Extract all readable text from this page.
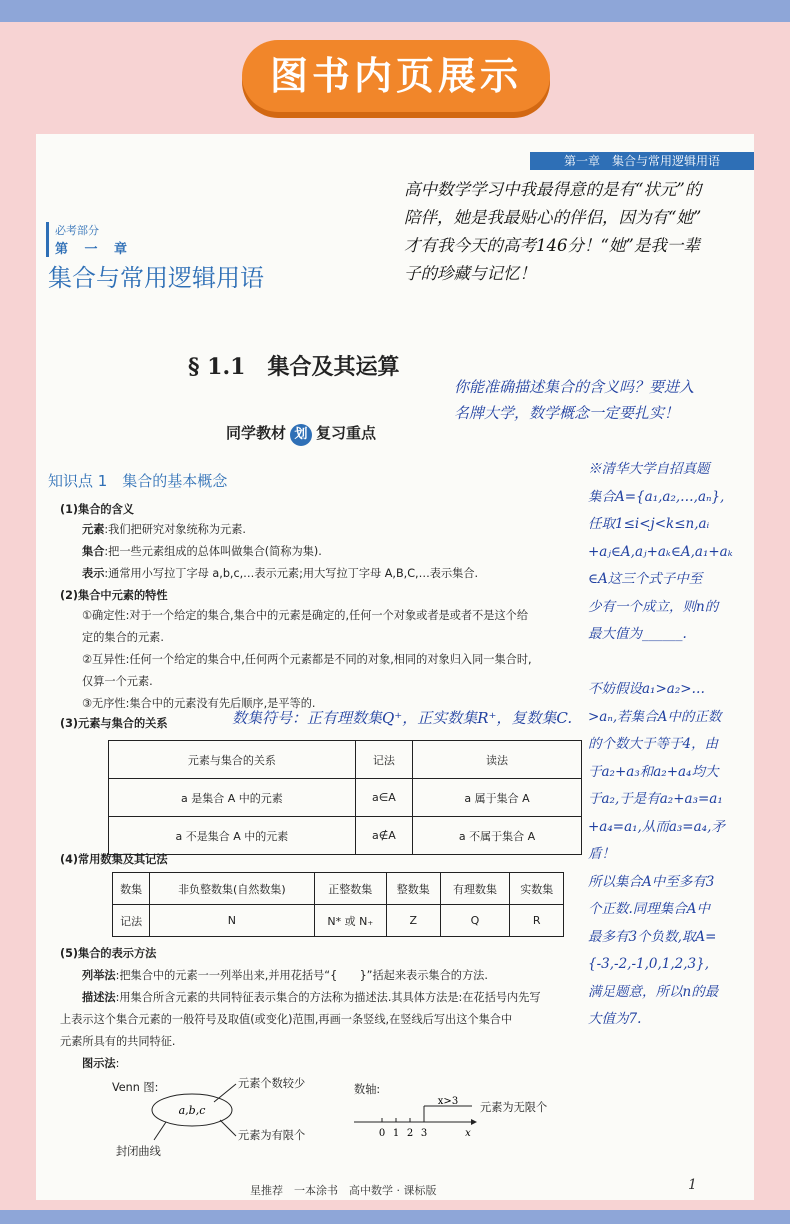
图书内页展示
第一章　集合与常用逻辑用语
高中数学学习中我最得意的是有“状元”的
陪伴，她是我最贴心的伴侣，因为有“她”
才有我今天的高考146分！“她”是我一辈
子的珍藏与记忆！
必考部分
第 一 章
集合与常用逻辑用语
§ 1.1　集合及其运算
你能准确描述集合的含义吗？要进入
名牌大学，数学概念一定要扎实！
同学教材 划 复习重点
知识点 1　集合的基本概念
※清华大学自招真题
集合A={a₁,a₂,…,aₙ},
任取1≤i<j<k≤n,aᵢ
+aⱼ∈A,aⱼ+aₖ∈A,a₁+aₖ
∈A这三个式子中至
少有一个成立，则n的
最大值为______.

不妨假设a₁>a₂>…
>aₙ,若集合A中的正数
的个数大于等于4，由
于a₂+a₃和a₂+a₄均大
于a₂,于是有a₂+a₃=a₁
+a₄=a₁,从而a₃=a₄,矛
盾！
所以集合A中至多有3
个正数.同理集合A中
最多有3个负数,取A=
{-3,-2,-1,0,1,2,3},
满足题意，所以n的最
大值为7.
(1)集合的含义
元素:我们把研究对象统称为元素.
集合:把一些元素组成的总体叫做集合(简称为集).
表示:通常用小写拉丁字母 a,b,c,…表示元素;用大写拉丁字母 A,B,C,…表示集合.
(2)集合中元素的特性
①确定性:对于一个给定的集合,集合中的元素是确定的,任何一个对象或者是或者不是这个给
定的集合的元素.
②互异性:任何一个给定的集合中,任何两个元素都是不同的对象,相同的对象归入同一集合时,
仅算一个元素.
③无序性:集合中的元素没有先后顺序,是平等的.
数集符号：正有理数集Q⁺，正实数集R⁺，复数集C.
(3)元素与集合的关系
元素与集合的关系	记法	读法
a 是集合 A 中的元素	a∈A	a 属于集合 A
a 不是集合 A 中的元素	a∉A	a 不属于集合 A
(4)常用数集及其记法
数集	非负整数集(自然数集)	正整数集	整数集	有理数集	实数集
记法	N	N* 或 N₊	Z	Q	R
(5)集合的表示方法
列举法:把集合中的元素一一列举出来,并用花括号“{　　}”括起来表示集合的方法.
描述法:用集合所含元素的共同特征表示集合的方法称为描述法.其具体方法是:在花括号内先写
上表示这个集合元素的一般符号及取值(或变化)范围,再画一条竖线,在竖线后写出这个集合中
元素所具有的共同特征.
图示法:
Venn 图:
a,b,c
元素个数较少
元素为有限个
封闭曲线
数轴:
0 1 2 3	x
x>3 元素为无限个
星推荐　一本涂书　高中数学 · 课标版	1
